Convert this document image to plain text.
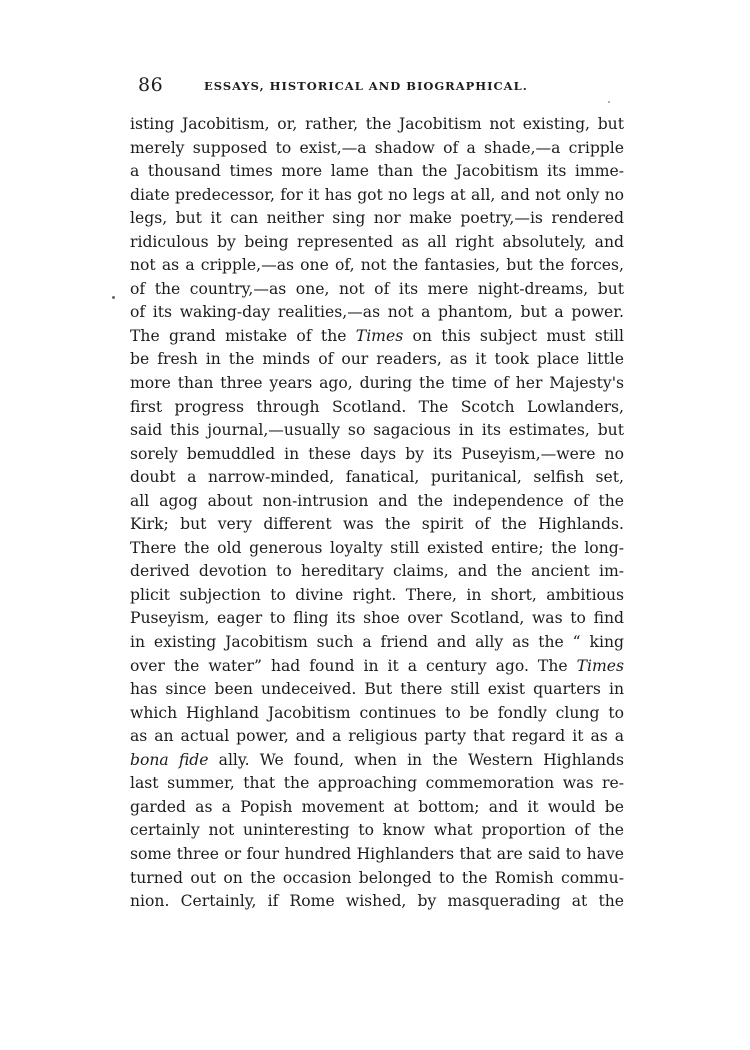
86	ESSAYS, HISTORICAL AND BIOGRAPHICAL.
isting Jacobitism, or, rather, the Jacobitism not existing, but
merely supposed to exist,—a shadow of a shade,—a cripple
a thousand times more lame than the Jacobitism its imme-
diate predecessor, for it has got no legs at all, and not only no
legs, but it can neither sing nor make poetry,—is rendered
ridiculous by being represented as all right absolutely, and
not as a cripple,—as one of, not the fantasies, but the forces,
of the country,—as one, not of its mere night-dreams, but
of its waking-day realities,—as not a phantom, but a power.
The grand mistake of the Times on this subject must still
be fresh in the minds of our readers, as it took place little
more than three years ago, during the time of her Majesty's
first progress through Scotland. The Scotch Lowlanders,
said this journal,—usually so sagacious in its estimates, but
sorely bemuddled in these days by its Puseyism,—were no
doubt a narrow-minded, fanatical, puritanical, selfish set,
all agog about non-intrusion and the independence of the
Kirk; but very different was the spirit of the Highlands.
There the old generous loyalty still existed entire; the long-
derived devotion to hereditary claims, and the ancient im-
plicit subjection to divine right. There, in short, ambitious
Puseyism, eager to fling its shoe over Scotland, was to find
in existing Jacobitism such a friend and ally as the “ king
over the water” had found in it a century ago. The Times
has since been undeceived. But there still exist quarters in
which Highland Jacobitism continues to be fondly clung to
as an actual power, and a religious party that regard it as a
bona fide ally. We found, when in the Western Highlands
last summer, that the approaching commemoration was re-
garded as a Popish movement at bottom; and it would be
certainly not uninteresting to know what proportion of the
some three or four hundred Highlanders that are said to have
turned out on the occasion belonged to the Romish commu-
nion. Certainly, if Rome wished, by masquerading at the
